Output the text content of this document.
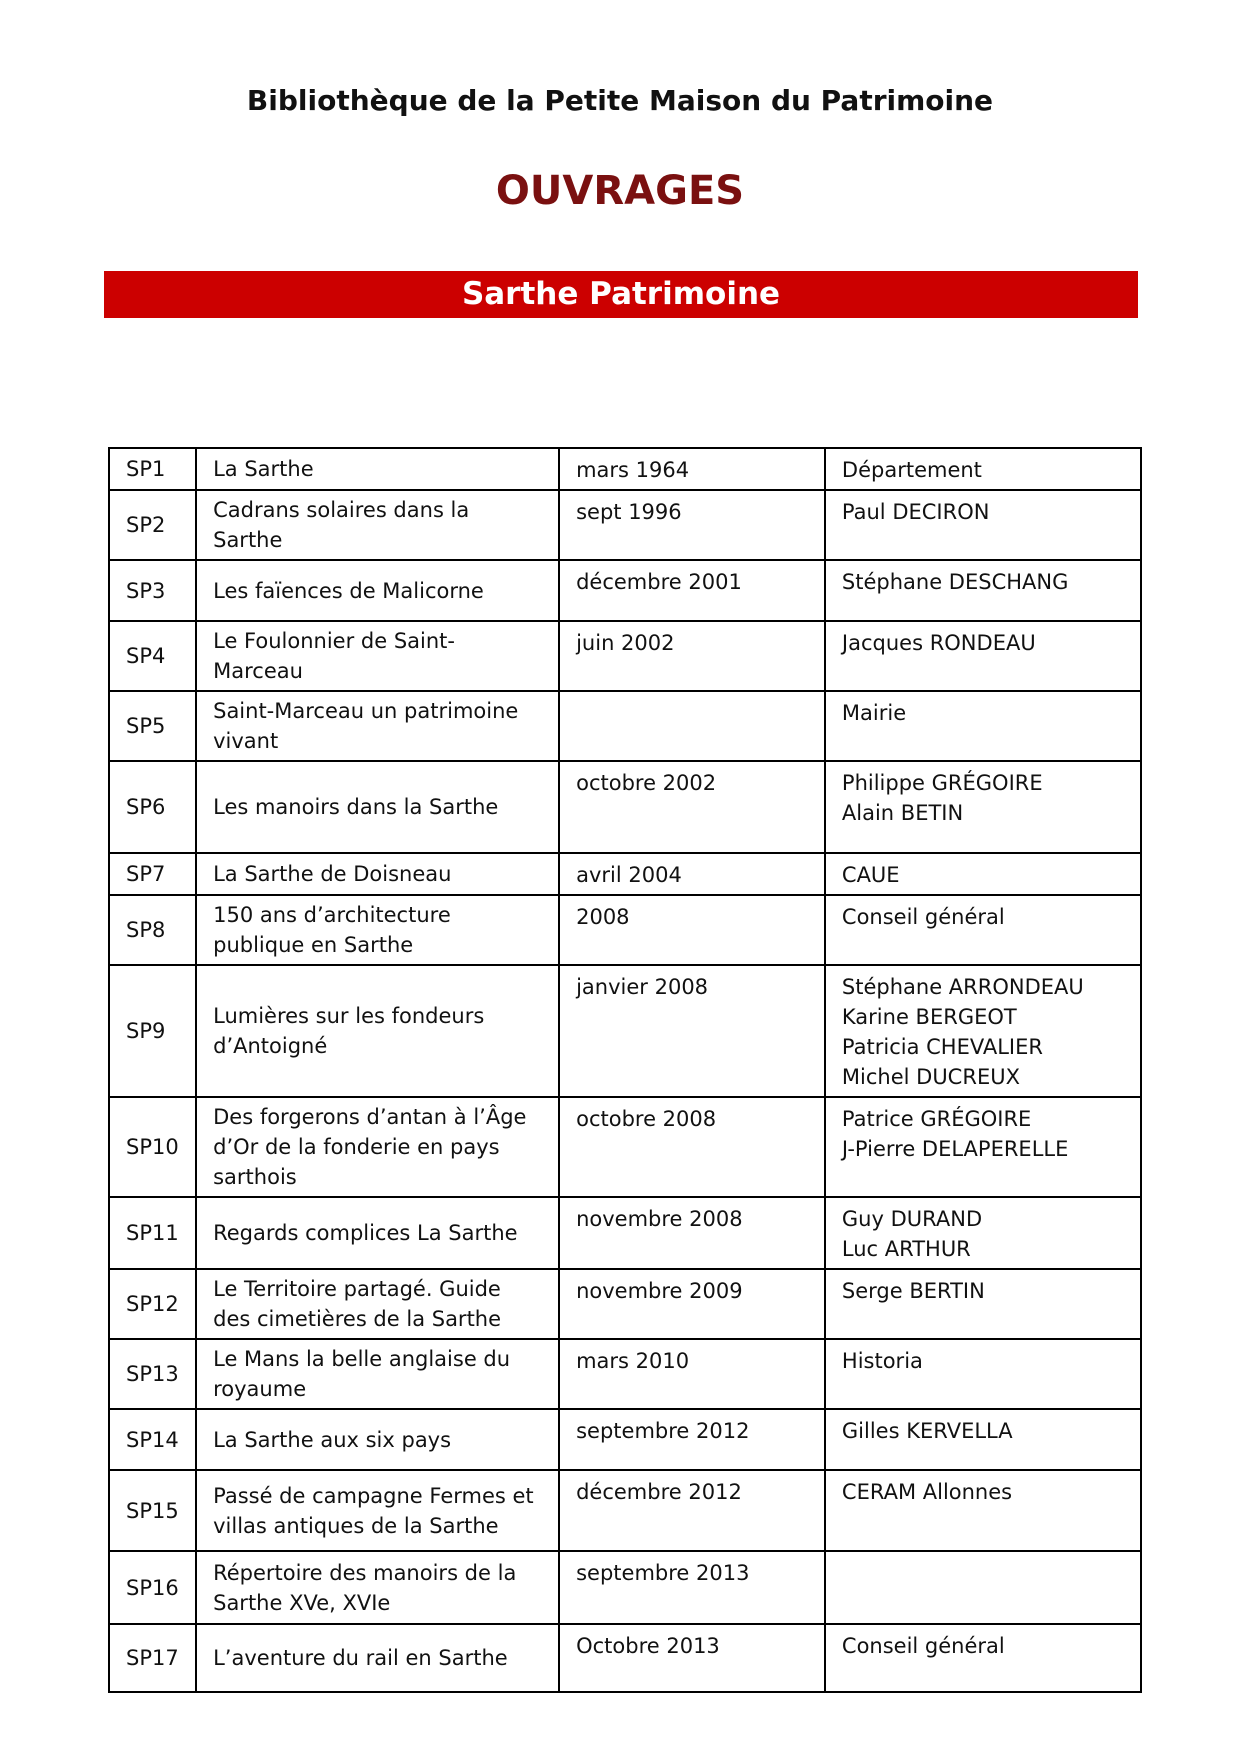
Bibliothèque de la Petite Maison du Patrimoine
OUVRAGES
Sarthe Patrimoine
SP1	La Sarthe	mars 1964	Département

SP2	Cadrans solaires dans la Sarthe	sept 1996	Paul DECIRON

SP3	Les faïences de Malicorne	décembre 2001	Stéphane DESCHANG

SP4	Le Foulonnier de Saint-Marceau	juin 2002	Jacques RONDEAU

SP5	Saint-Marceau un patrimoine vivant		Mairie

SP6	Les manoirs dans la Sarthe	octobre 2002	Philippe GRÉGOIRE
Alain BETIN

SP7	La Sarthe de Doisneau	avril 2004	CAUE

SP8	150 ans d’architecture publique en Sarthe	2008	Conseil général

SP9	Lumières sur les fondeurs d’Antoigné	janvier 2008	Stéphane ARRONDEAU
Karine BERGEOT
Patricia CHEVALIER
Michel DUCREUX

SP10	Des forgerons d’antan à l’Âge d’Or de la fonderie en pays sarthois	octobre 2008	Patrice GRÉGOIRE
J-Pierre DELAPERELLE

SP11	Regards complices La Sarthe	novembre 2008	Guy DURAND
Luc ARTHUR

SP12	Le Territoire partagé. Guide des cimetières de la Sarthe	novembre 2009	Serge BERTIN

SP13	Le Mans la belle anglaise du royaume	mars 2010	Historia

SP14	La Sarthe aux six pays	septembre 2012	Gilles KERVELLA

SP15	Passé de campagne Fermes et villas antiques de la Sarthe	décembre 2012	CERAM Allonnes

SP16	Répertoire des manoirs de la Sarthe XVe, XVIe	septembre 2013	
SP17	L’aventure du rail en Sarthe	Octobre 2013	Conseil général
